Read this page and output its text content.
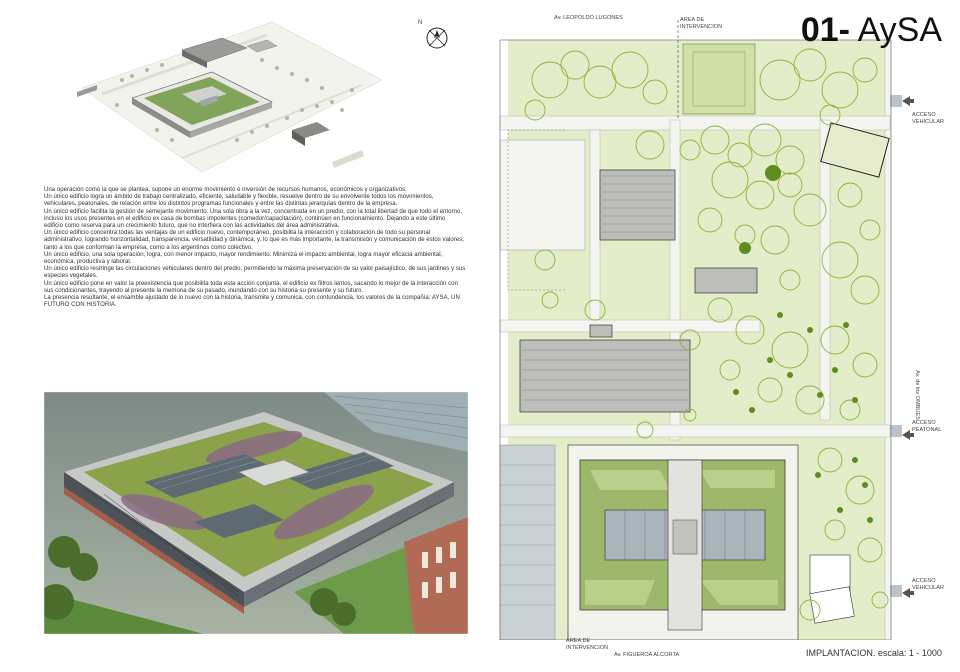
N

Una operación como la que se plantea, supone un enorme movimiento e inversión de recursos humanos, económicos y organizativos.

Un único edificio logra un ámbito de trabajo centralizado, eficiente, saludable y flexible, resuelve dentro de su envolvente todos los movimientos, vehiculares, peatonales, de relación entre los distintos programas funcionales y entre las distintas jerarquías dentro de la empresa.

Un único edificio facilita la gestión de semejante movimiento. Una sola obra a la vez, concentrada en un predio, con la total libertad de que todo el entorno, incluso los usos presentes en el edificio ex casa de bombas impolentes (comedor/capacitación), continúen en funcionamiento. Dejando a este último edificio como reserva para un crecimiento futuro, que no interfiera con las actividades del área administrativa.

Un único edificio concentra todas las ventajas de un edificio nuevo, contemporáneo, posibilita la interacción y colaboración de todo su personal administrativo, logrando horizontalidad, transparencia, versatilidad y dinámica, y, lo que es más importante, la transmisión y comunicación de estos valores, tanto a los que conforman la empresa, como a los argentinos como colectivo.

Un único edificio, una sola operación, logra, con menor impacto, mayor rendimiento. Minimiza el impacto ambiental, logra mayor eficacia ambiental, económica, productiva y laboral.

Un único edificio restringe las circulaciones vehiculares dentro del predio, permitiendo la máxima preservación de su valor paisajístico, de sus jardines y sus especies vegetales.

Un único edificio pone en valor la preexistencia que posibilita toda esta acción conjunta, el edificio ex filtros lentos, sacando lo mejor de la interacción con sus condicionantes, trayendo al presente la memoria de su pasado, inundando con su historia su presente y su futuro.

La presencia resultante, el ensamble ajustado de lo nuevo con la historia, transmite y comunica, con contundencia, los valores de la compañía: AYSA, UN FUTURO CON HISTORIA.

Av. LEOPOLDO LUGONES	AREA DE
INTERVENCION
Av. FIGUEROA ALCORTA
AREA DE
INTERVENCION
Av. de los OMBUES
ACCESO
VEHICULAR
ACCESO
PEATONAL
ACCESO
VEHICULAR
01- AySA
IMPLANTACION. escala: 1 - 1000
